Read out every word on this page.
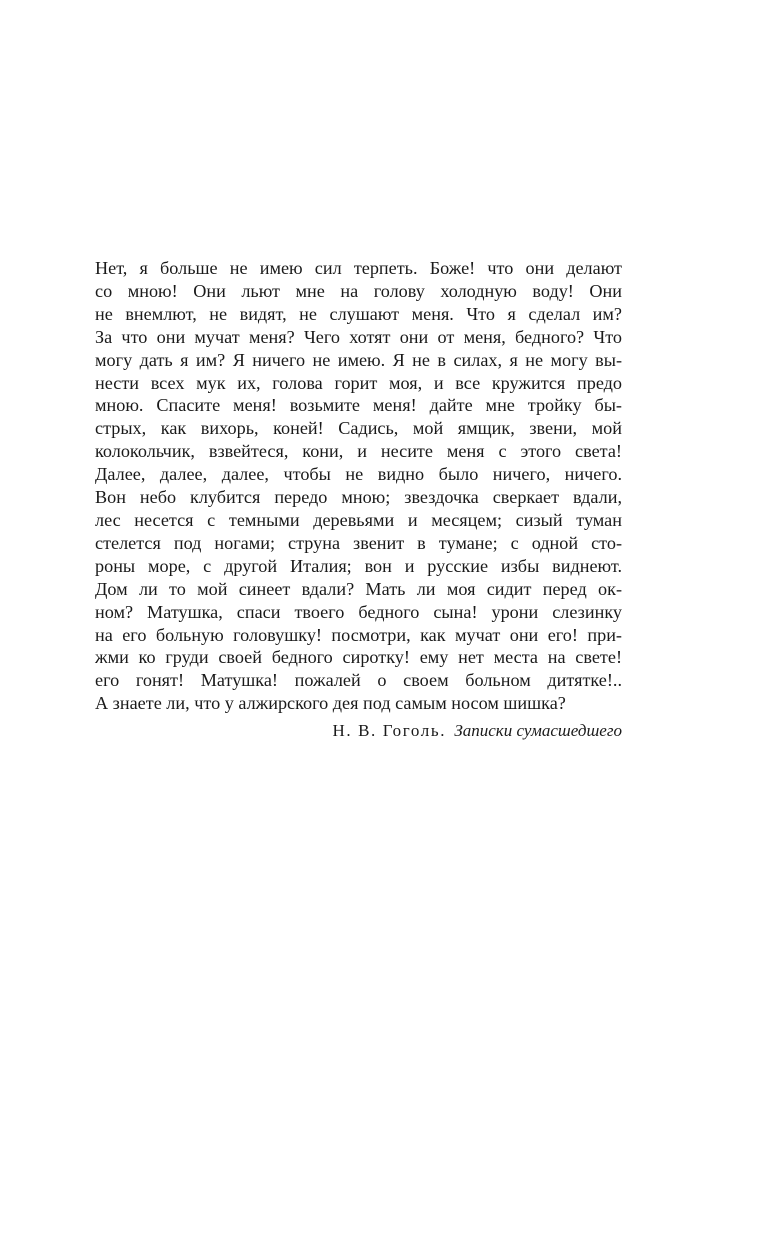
Нет, я больше не имею сил терпеть. Боже! что они делают
со мною! Они льют мне на голову холодную воду! Они
не внемлют, не видят, не слушают меня. Что я сделал им?
За что они мучат меня? Чего хотят они от меня, бедного? Что
могу дать я им? Я ничего не имею. Я не в силах, я не могу вы-
нести всех мук их, голова горит моя, и все кружится предо
мною. Спасите меня! возьмите меня! дайте мне тройку бы-
стрых, как вихорь, коней! Садись, мой ямщик, звени, мой
колокольчик, взвейтеся, кони, и несите меня с этого света!
Далее, далее, далее, чтобы не видно было ничего, ничего.
Вон небо клубится передо мною; звездочка сверкает вдали,
лес несется с темными деревьями и месяцем; сизый туман
стелется под ногами; струна звенит в тумане; с одной сто-
роны море, с другой Италия; вон и русские избы виднеют.
Дом ли то мой синеет вдали? Мать ли моя сидит перед ок-
ном? Матушка, спаси твоего бедного сына! урони слезинку
на его больную головушку! посмотри, как мучат они его! при-
жми ко груди своей бедного сиротку! ему нет места на свете!
его гонят! Матушка! пожалей о своем больном дитятке!..
А знаете ли, что у алжирского дея под самым носом шишка?

Н. В. Гоголь. Записки сумасшедшего
